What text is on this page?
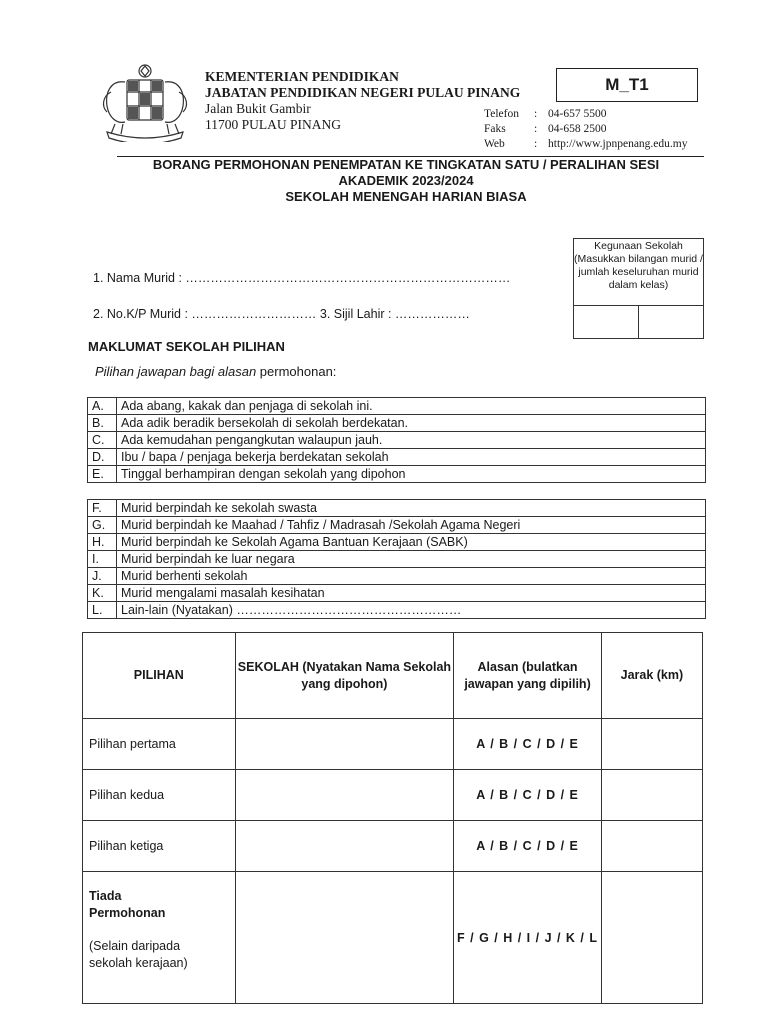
KEMENTERIAN PENDIDIKAN
JABATAN PENDIDIKAN NEGERI PULAU PINANG
Jalan Bukit Gambir
11700 PULAU PINANG
M_T1
Telefon	: 04-657 5500
Faks	: 04-658 2500
Web	: http://www.jpnpenang.edu.my
BORANG PERMOHONAN PENEMPATAN KE TINGKATAN SATU / PERALIHAN SESI
AKADEMIK 2023/2024
SEKOLAH MENENGAH HARIAN BIASA
Kegunaan Sekolah (Masukkan bilangan murid / jumlah keseluruhan murid dalam kelas)
1. Nama Murid : ……………………………………………………………………
2. No.K/P Murid : ………………………… 3. Sijil Lahir : ………………
MAKLUMAT SEKOLAH PILIHAN
Pilihan jawapan bagi alasan permohonan:
A.	Ada abang, kakak dan penjaga di sekolah ini.
B.	Ada adik beradik bersekolah di sekolah berdekatan.
C.	Ada kemudahan pengangkutan walaupun jauh.
D.	Ibu / bapa / penjaga bekerja berdekatan sekolah
E.	Tinggal berhampiran dengan sekolah yang dipohon
F.	Murid berpindah ke sekolah swasta
G.	Murid berpindah ke Maahad / Tahfiz / Madrasah /Sekolah Agama Negeri
H.	Murid berpindah ke Sekolah Agama Bantuan Kerajaan (SABK)
I.	Murid berpindah ke luar negara
J.	Murid berhenti sekolah
K.	Murid mengalami masalah kesihatan
L.	Lain-lain (Nyatakan) ………………………………………………
PILIHAN	SEKOLAH (Nyatakan Nama Sekolah yang dipohon)	Alasan (bulatkan jawapan yang dipilih)	Jarak (km)
Pilihan pertama		A / B / C / D / E	
Pilihan kedua		A / B / C / D / E	
Pilihan ketiga		A / B / C / D / E	

Tiada Permohonan
(Selain daripada sekolah kerajaan)		F / G / H / I / J / K / L	
